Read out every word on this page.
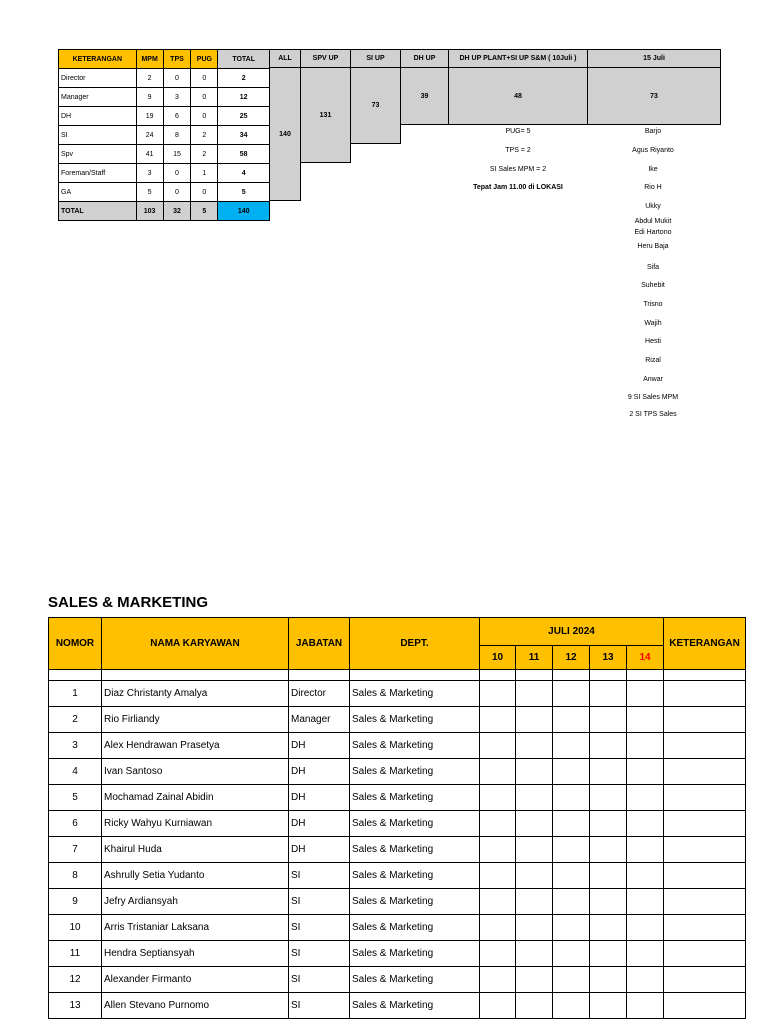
KETERANGAN	MPM	TPS	PUG	TOTAL
Director	2	0	0	2
Manager	9	3	0	12
DH	19	6	0	25
SI	24	8	2	34
Spv	41	15	2	58
Foreman/Staff	3	0	1	4
GA	5	0	0	5
TOTAL	103	32	5	140
ALL
140
SPV UP
131
SI UP
73
DH UP
39
DH UP PLANT+SI UP S&M ( 10Juli )
48
15 Juli
73
PUG= 5
TPS = 2
SI Sales MPM = 2
Tepat Jam 11.00 di LOKASI
Barjo
Agus Riyanto
Ike
Rio H
Ukky
Abdul Mukit
Edi Hartono
Heru Baja
Sifa
Suhebit
Trisno
Wajih
Hesti
Rizal
Anwar
9 SI Sales MPM
2 SI TPS Sales
SALES & MARKETING
NOMOR	NAMA KARYAWAN	JABATAN	DEPT.	JULI 2024					KETERANGAN
				10	11	12	13	14	

1	Diaz Christanty Amalya	Director	Sales & Marketing						
2	Rio Firliandy	Manager	Sales & Marketing						
3	Alex Hendrawan Prasetya	DH	Sales & Marketing						
4	Ivan Santoso	DH	Sales & Marketing						
5	Mochamad Zainal Abidin	DH	Sales & Marketing						
6	Ricky Wahyu Kurniawan	DH	Sales & Marketing						
7	Khairul Huda	DH	Sales & Marketing						
8	Ashrully Setia Yudanto	SI	Sales & Marketing						
9	Jefry Ardiansyah	SI	Sales & Marketing						
10	Arris Tristaniar Laksana	SI	Sales & Marketing						
11	Hendra Septiansyah	SI	Sales & Marketing						
12	Alexander Firmanto	SI	Sales & Marketing						
13	Allen Stevano Purnomo	SI	Sales & Marketing						
